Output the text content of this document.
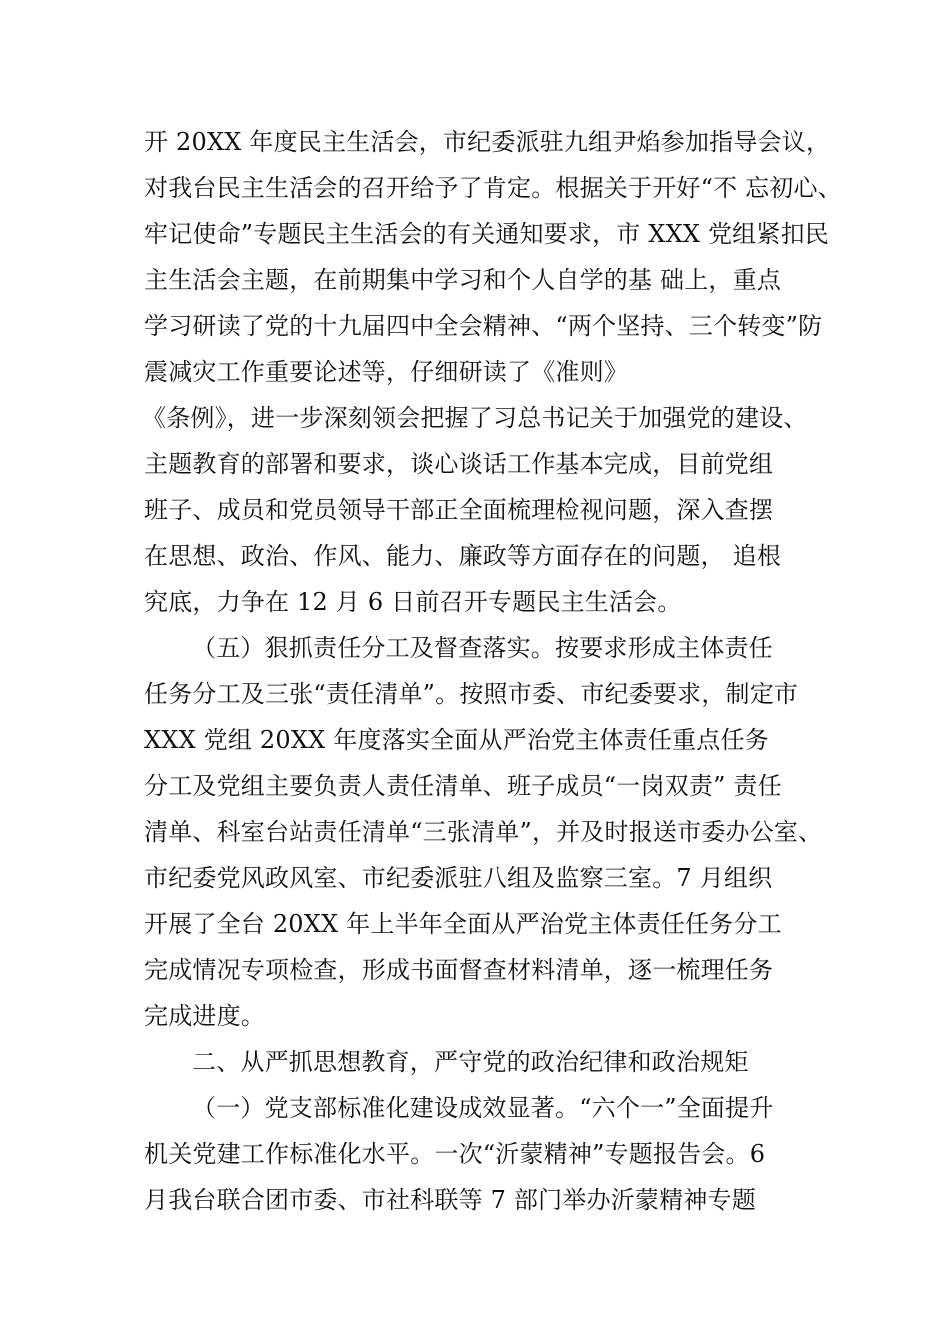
开 20XX 年度民主生活会，市纪委派驻九组尹焰参加指导会议，
对我台民主生活会的召开给予了肯定。根据关于开好“不 忘初心、
牢记使命”专题民主生活会的有关通知要求，市 XXX 党组紧扣民
主生活会主题，在前期集中学习和个人自学的基 础上，重点
学习研读了党的十九届四中全会精神、“两个坚持、三个转变”防
震减灾工作重要论述等，仔细研读了《准则》
《条例》，进一步深刻领会把握了习总书记关于加强党的建设、
主题教育的部署和要求，谈心谈话工作基本完成，目前党组
班子、成员和党员领导干部正全面梳理检视问题，深入查摆
在思想、政治、作风、能力、廉政等方面存在的问题， 追根
究底，力争在 12 月 6 日前召开专题民主生活会。
（五）狠抓责任分工及督查落实。按要求形成主体责任
任务分工及三张“责任清单”。按照市委、市纪委要求，制定市
XXX 党组 20XX 年度落实全面从严治党主体责任重点任务
分工及党组主要负责人责任清单、班子成员“一岗双责” 责任
清单、科室台站责任清单“三张清单”，并及时报送市委办公室、
市纪委党风政风室、市纪委派驻八组及监察三室。7 月组织
开展了全台 20XX 年上半年全面从严治党主体责任任务分工
完成情况专项检查，形成书面督查材料清单，逐一梳理任务
完成进度。
二、从严抓思想教育，严守党的政治纪律和政治规矩
（一）党支部标准化建设成效显著。“六个一”全面提升
机关党建工作标准化水平。一次“沂蒙精神”专题报告会。6
月我台联合团市委、市社科联等 7 部门举办沂蒙精神专题
